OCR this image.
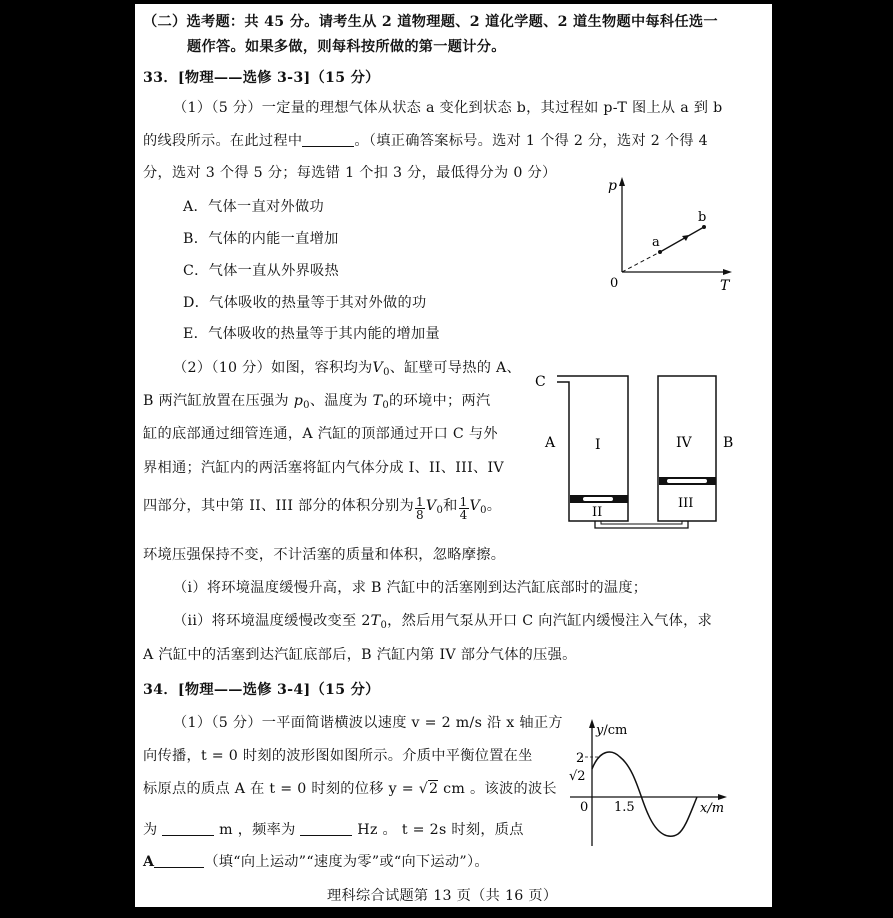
（二）选考题：共 45 分。请考生从 2 道物理题、2 道化学题、2 道生物题中每科任选一
题作答。如果多做，则每科按所做的第一题计分。
33．[物理——选修 3-3]（15 分）
（1）（5 分）一定量的理想气体从状态 a 变化到状态 b，其过程如 p-T 图上从 a 到 b
的线段所示。在此过程中	。（填正确答案标号。选对 1 个得 2 分，选对 2 个得 4
分，选对 3 个得 5 分；每选错 1 个扣 3 分，最低得分为 0 分）
A．气体一直对外做功
B．气体的内能一直增加
C．气体一直从外界吸热
D．气体吸收的热量等于其对外做的功
E．气体吸收的热量等于其内能的增加量
p
T
0
a
b
（2）（10 分）如图，容积均为$V_0$、缸壁可导热的 A、
B 两汽缸放置在压强为 $p_0$、温度为 $T_0$的环境中；两汽
缸的底部通过细管连通，A 汽缸的顶部通过开口 C 与外
界相通；汽缸内的两活塞将缸内气体分成 I、II、III、IV
四部分，其中第 II、III 部分的体积分别为 $\frac{1}{8} V_0$和 $\frac{1}{4} V_0$。
C
A	B
I
II
III
IV
环境压强保持不变，不计活塞的质量和体积，忽略摩擦。
（i）将环境温度缓慢升高，求 B 汽缸中的活塞刚到达汽缸底部时的温度；
（ii）将环境温度缓慢改变至 $2T_0$，然后用气泵从开口 C 向汽缸内缓慢注入气体，求
A 汽缸中的活塞到达汽缸底部后，B 汽缸内第 IV 部分气体的压强。
34．[物理——选修 3-4]（15 分）
（1）（5 分）一平面简谐横波以速度 v = 2 m/s 沿 x 轴正方
向传播，t = 0 时刻的波形图如图所示。介质中平衡位置在坐
标原点的质点 A 在 t = 0 时刻的位移 y = √2 cm 。该波的波长
为	m ，频率为	Hz 。 t = 2s 时刻，质点
A	（填“向上运动”“速度为零”或“向下运动”）。
y/cm
x/m
2
√2
0 1.5
理科综合试题第 13 页（共 16 页）
